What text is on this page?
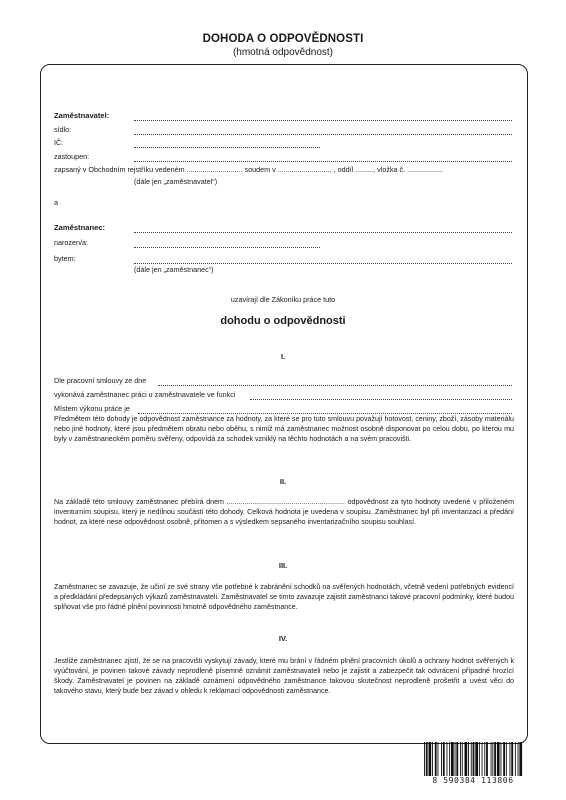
DOHODA O ODPOVĚDNOSTI
(hmotná odpovědnost)
Zaměstnavatel:
sídlo:
IČ:
zastoupen:
zapsaný v Obchodním rejstříku vedeném ............................ soudem v ........................... , oddíl ........., vložka č. ..................
(dále jen „zaměstnavatel“)
a
Zaměstnanec:
narozen/a:
bytem:
(dále jen „zaměstnanec“)
uzavírají dle Zákoníku práce tuto
dohodu o odpovědnosti
I.
Dle pracovní smlouvy ze dne
vykonává zaměstnanec práci u zaměstnavatele ve funkci
Místem výkonu práce je
Předmětem této dohody je odpovědnost zaměstnance za hodnoty, za které se pro tuto smlouvu považují hotovost, ceniny, zboží, zásoby materiálu nebo jiné hodnoty, které jsou předmětem obratu nebo oběhu, s nimiž má zaměstnanec možnost osobně disponovat po celou dobu, po kterou mu byly v zaměstnaneckém poměru svěřeny, odpovídá za schodek vzniklý na těchto hodnotách a na svém pracovišti.
II.
Na základě této smlouvy zaměstnanec přebírá dnem ............................................................ odpovědnost za tyto hodnoty uvedené v přiloženém inventurním soupisu, který je nedílnou součástí této dohody. Celková hodnota je uvedena v soupisu. Zaměstnanec byl při inventarizaci a předání hodnot, za které nese odpovědnost osobně, přítomen a s výsledkem sepsaného inventarizačního soupisu souhlasí.
III.
Zaměstnanec se zavazuje, že učiní ze své strany vše potřebné k zabránění schodků na svěřených hodnotách, včetně vedení potřebných evidencí a předkládání předepsaných výkazů zaměstnavateli. Zaměstnavatel se timto zavazuje zajistit zaměstnanci takové pracovní podmínky, které budou splňovat vše pro řádné plnění povinnosti hmotně odpovědného zaměstnance.
IV.
Jestliže zaměstnanec zjistí, že se na pracovišti vyskytují závady, které mu brání v řádném plnění pracovních úkolů a ochrany hodnot svěřených k vyúčtování, je povinen takové závady neprodleně písemně oznámit zaměstnavateli nebo je zajistit a zabezpečit tak odvrácení případné hrozící škody. Zaměstnavatel je povinen na základě oznámení odpovědného zaměstnance takovou skutečnost neprodleně prošetřit a uvést věci do takového stavu, který bude bez závad v ohledu k reklamací odpovědnosti zaměstnance.
8 590384 113806
